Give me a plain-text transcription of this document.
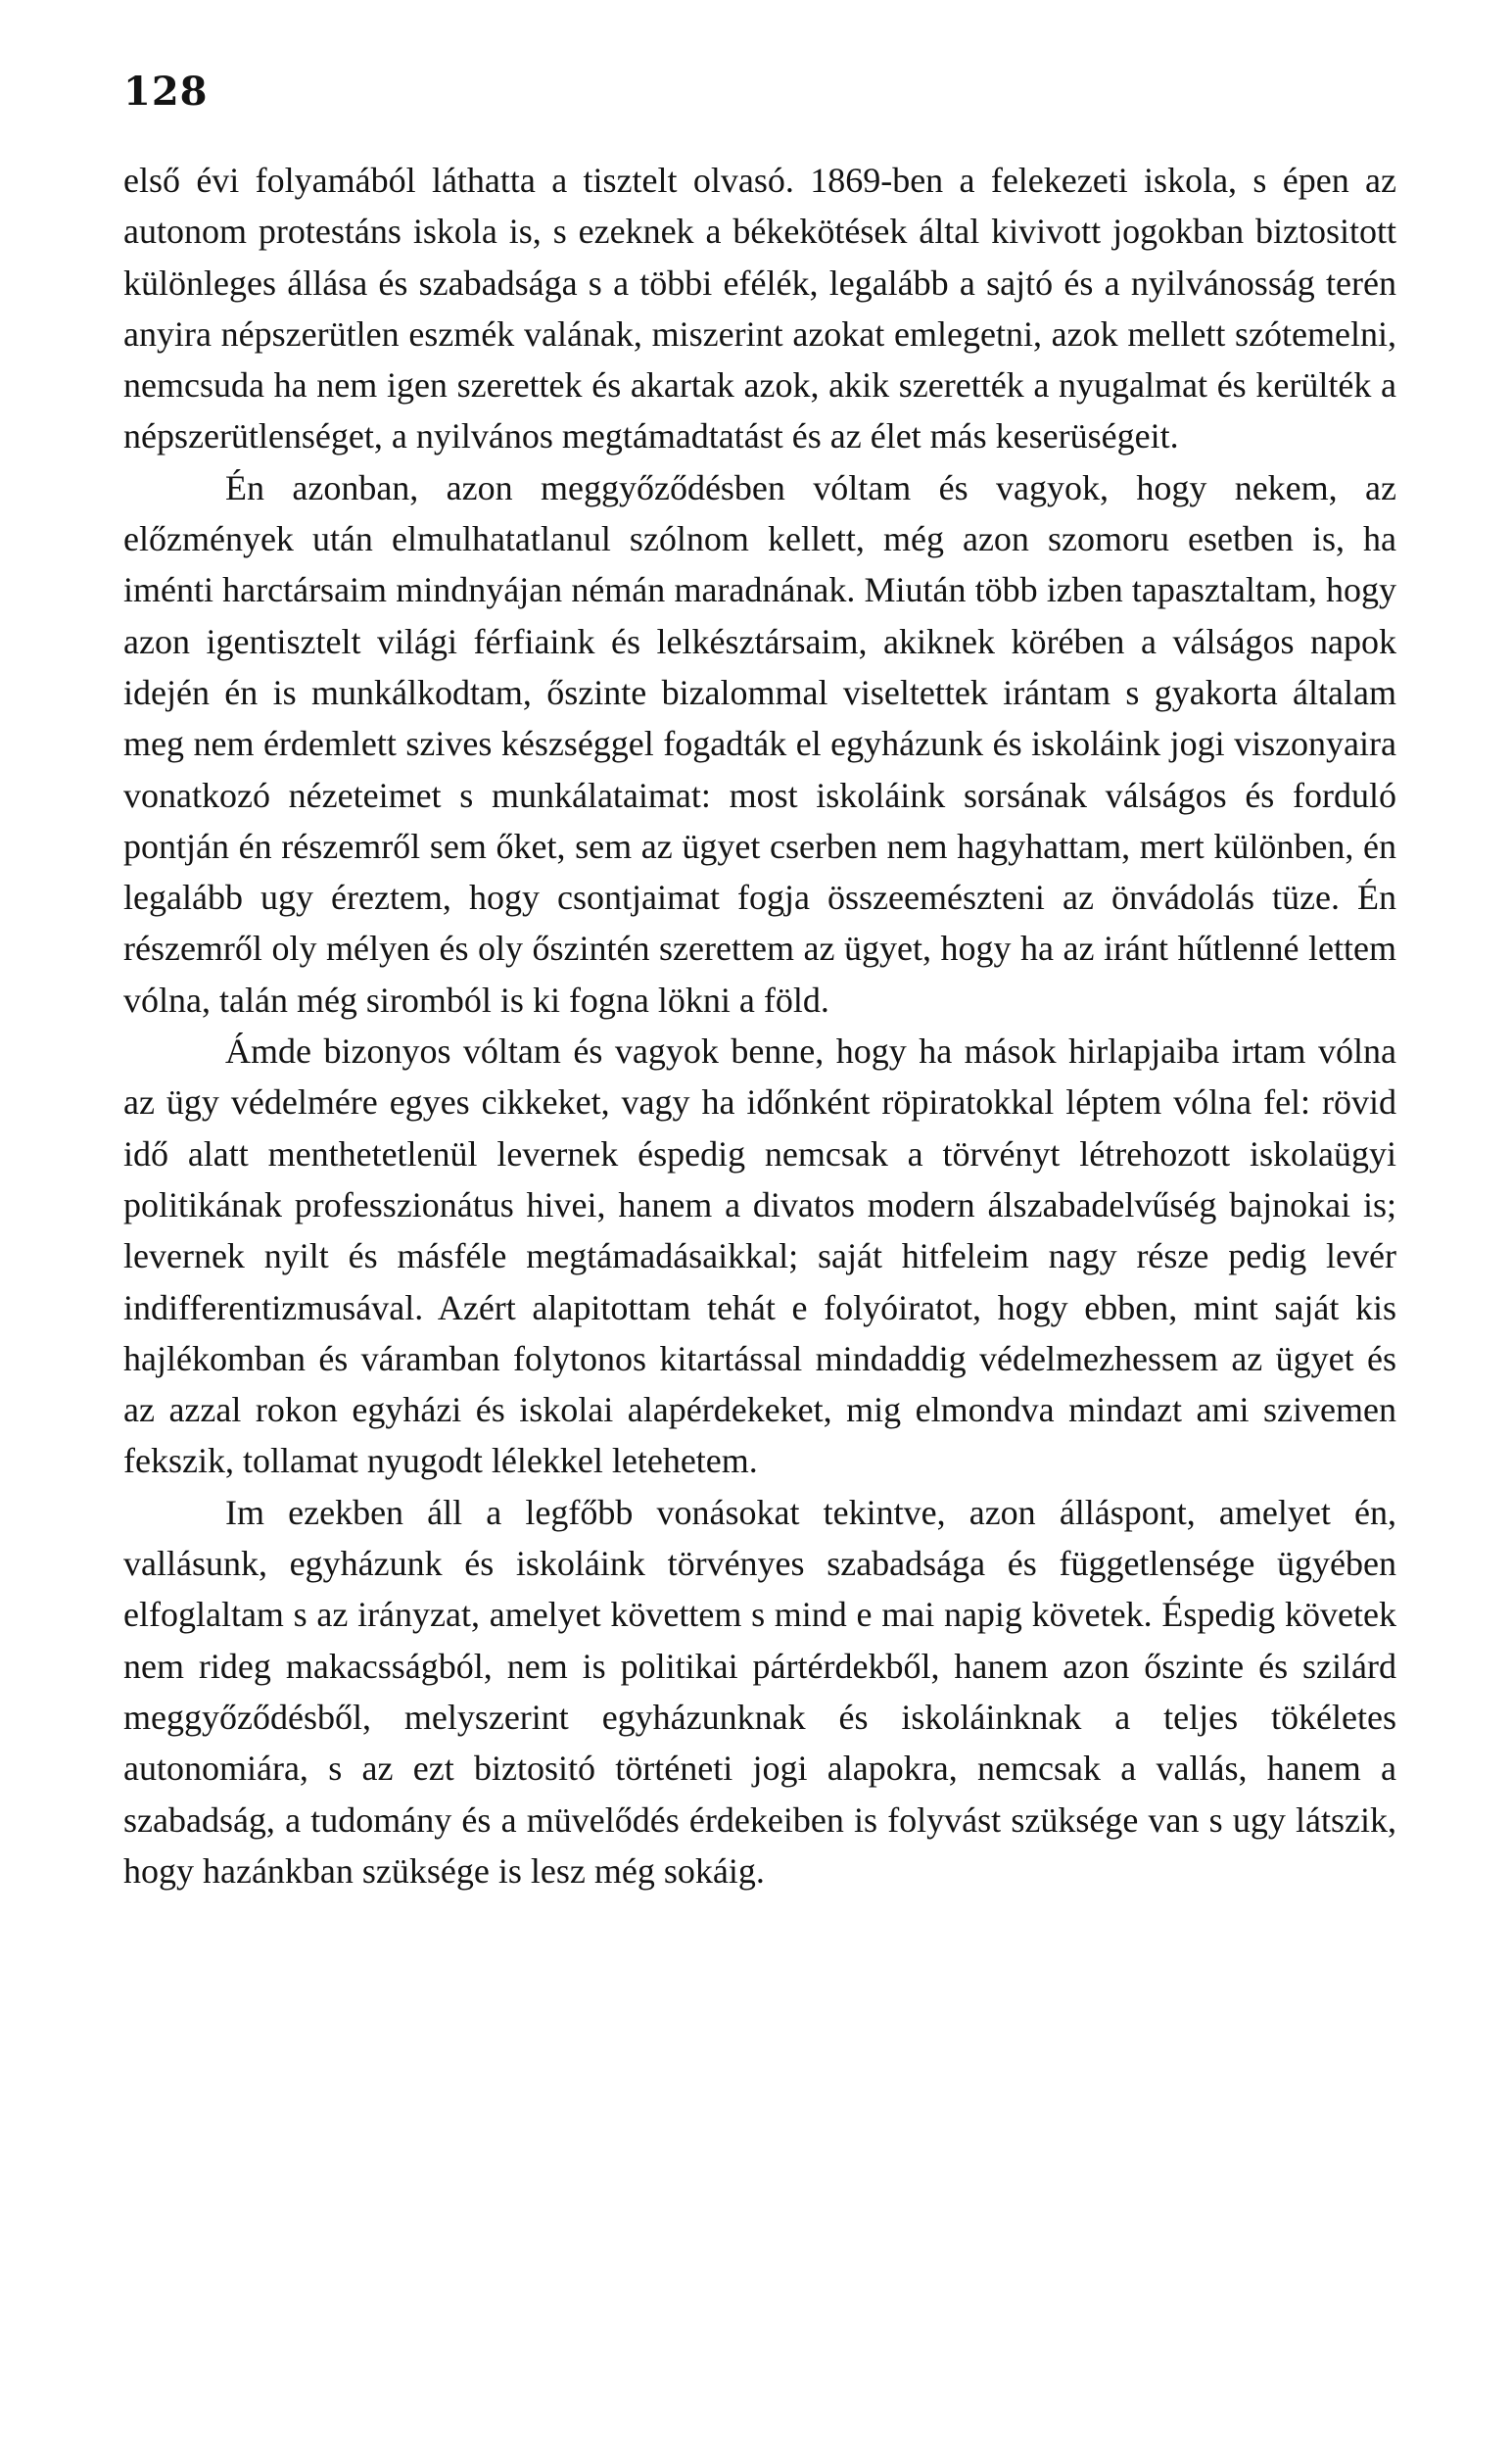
128

első évi folyamából láthatta a tisztelt olvasó. 1869-ben a felekezeti iskola, s épen az autonom protestáns iskola is, s ezeknek a békekötések által kivivott jogokban biztositott különleges állása és szabadsága s a többi efélék, legalább a sajtó és a nyilvánosság terén anyira népszerütlen eszmék valának, miszerint azokat emlegetni, azok mellett szótemelni, nemcsuda ha nem igen szerettek és akartak azok, akik szerették a nyugalmat és kerülték a népszerütlenséget, a nyilvános megtámadtatást és az élet más keserüségeit.

Én azonban, azon meggyőződésben vóltam és vagyok, hogy nekem, az előzmények után elmulhatatlanul szólnom kellett, még azon szomoru esetben is, ha iménti harctársaim mindnyájan némán maradnának. Miután több izben tapasztaltam, hogy azon igentisztelt világi férfiaink és lelkésztársaim, akiknek körében a válságos napok idején én is munkálkodtam, őszinte bizalommal viseltettek irántam s gyakorta általam meg nem érdemlett szives készséggel fogadták el egyházunk és iskoláink jogi viszonyaira vonatkozó nézeteimet s munkálataimat: most iskoláink sorsának válságos és forduló pontján én részemről sem őket, sem az ügyet cserben nem hagyhattam, mert különben, én legalább ugy éreztem, hogy csontjaimat fogja összeemészteni az önvádolás tüze. Én részemről oly mélyen és oly őszintén szerettem az ügyet, hogy ha az iránt hűtlenné lettem vólna, talán még siromból is ki fogna lökni a föld.

Ámde bizonyos vóltam és vagyok benne, hogy ha mások hirlapjaiba irtam vólna az ügy védelmére egyes cikkeket, vagy ha időnként röpiratokkal léptem vólna fel: rövid idő alatt menthetetlenül levernek éspedig nemcsak a törvényt létrehozott iskolaügyi politikának professzionátus hivei, hanem a divatos modern álszabadelvűség bajnokai is; levernek nyilt és másféle megtámadásaikkal; saját hitfeleim nagy része pedig levér indifferentizmusával. Azért alapitottam tehát e folyóiratot, hogy ebben, mint saját kis hajlékomban és váramban folytonos kitartással mindaddig védelmezhessem az ügyet és az azzal rokon egyházi és iskolai alapérdekeket, mig elmondva mindazt ami szivemen fekszik, tollamat nyugodt lélekkel letehetem.

Im ezekben áll a legfőbb vonásokat tekintve, azon álláspont, amelyet én, vallásunk, egyházunk és iskoláink törvényes szabadsága és függetlensége ügyében elfoglaltam s az irányzat, amelyet követtem s mind e mai napig követek. Éspedig követek nem rideg makacsságból, nem is politikai pártérdekből, hanem azon őszinte és szilárd meggyőződésből, melyszerint egyházunknak és iskoláinknak a teljes tökéletes autonomiára, s az ezt biztositó történeti jogi alapokra, nemcsak a vallás, hanem a szabadság, a tudomány és a müvelődés érdekeiben is folyvást szüksége van s ugy látszik, hogy hazánkban szüksége is lesz még sokáig.
